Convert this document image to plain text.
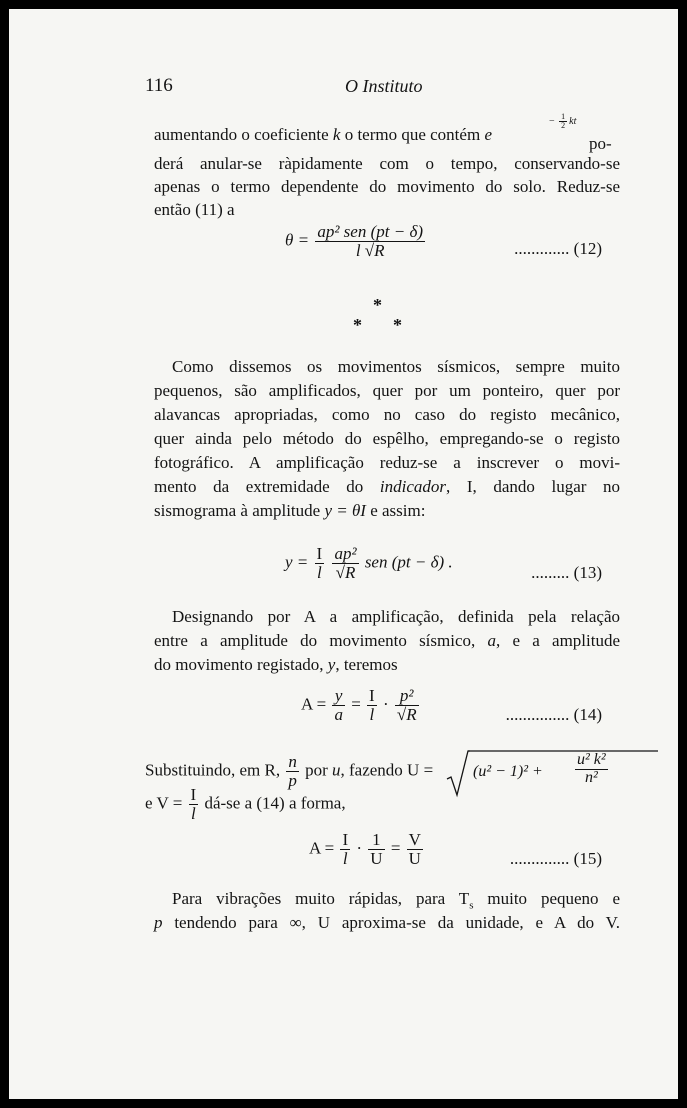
116	O Instituto
aumentando o coeficiente k o termo que contém e
− $\frac{1}{2}$ kt
po-
derá anular-se ràpidamente com o tempo, conservando-se
apenas o termo dependente do movimento do solo. Reduz-se
então (11) a
$\theta = \frac{\text{ap² sen (pt − δ)}}{l √R}$	............. (12)
*
* *
Como dissemos os movimentos sísmicos, sempre muito
pequenos, são amplificados, quer por um ponteiro, quer por
alavancas apropriadas, como no caso do registo mecânico,
quer ainda pelo método do espêlho, empregando-se o registo
fotográfico. A amplificação reduz-se a inscrever o movi-
mento da extremidade do indicador, I, dando lugar no
sismograma à amplitude y = θI e assim:
$y = \frac{I}{l}$
$\frac{\text{ap²}}{√R}$ sen (pt − δ) .
......... (13)
Designando por A a amplificação, definida pela relação
entre a amplitude do movimento sísmico, a, e a amplitude
do movimento registado, y, teremos
$A = \frac{y}{a} = \frac{I}{l} \cdot \frac{\text{p²}}{√R}$	............... (14)
Substituindo, em R, $\frac{n}{p}$ por u, fazendo $U = (u^2 - 1)^2 + \frac{\text{u² k²}}{\text{n²}}$
e $V = \frac{I}{l}$ dá-se a (14) a forma,
$A = \frac{I}{l} \cdot \frac{1}{U} = \frac{V}{U}$	.............. (15)
Para vibrações muito rápidas, para $T_s$ muito pequeno e
p tendendo para ∞, U aproxima-se da unidade, e A do V.
